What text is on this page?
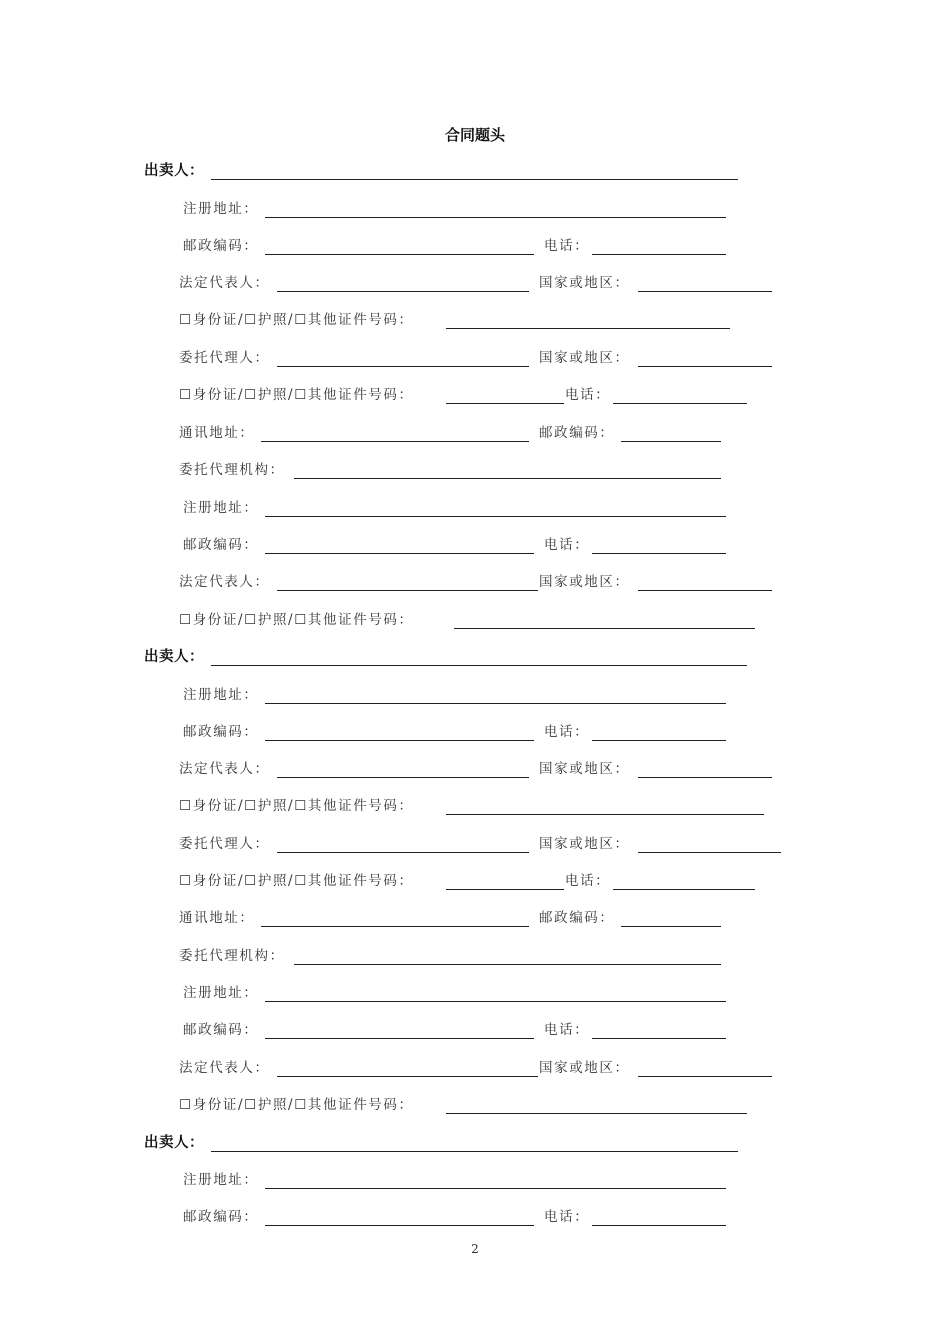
合同题头
出卖人：
注册地址：
邮政编码：	电话：
法定代表人：	国家或地区：
☐身份证/☐护照/☐其他证件号码：
委托代理人：	国家或地区：
☐身份证/☐护照/☐其他证件号码：	电话：
通讯地址：	邮政编码：
委托代理机构：
注册地址：
邮政编码：	电话：
法定代表人：	国家或地区：
☐身份证/☐护照/☐其他证件号码：
出卖人：
注册地址：
邮政编码：	电话：
法定代表人：	国家或地区：
☐身份证/☐护照/☐其他证件号码：
委托代理人：	国家或地区：
☐身份证/☐护照/☐其他证件号码：	电话：
通讯地址：	邮政编码：
委托代理机构：
注册地址：
邮政编码：	电话：
法定代表人：	国家或地区：
☐身份证/☐护照/☐其他证件号码：
出卖人：
注册地址：
邮政编码：	电话：
2
